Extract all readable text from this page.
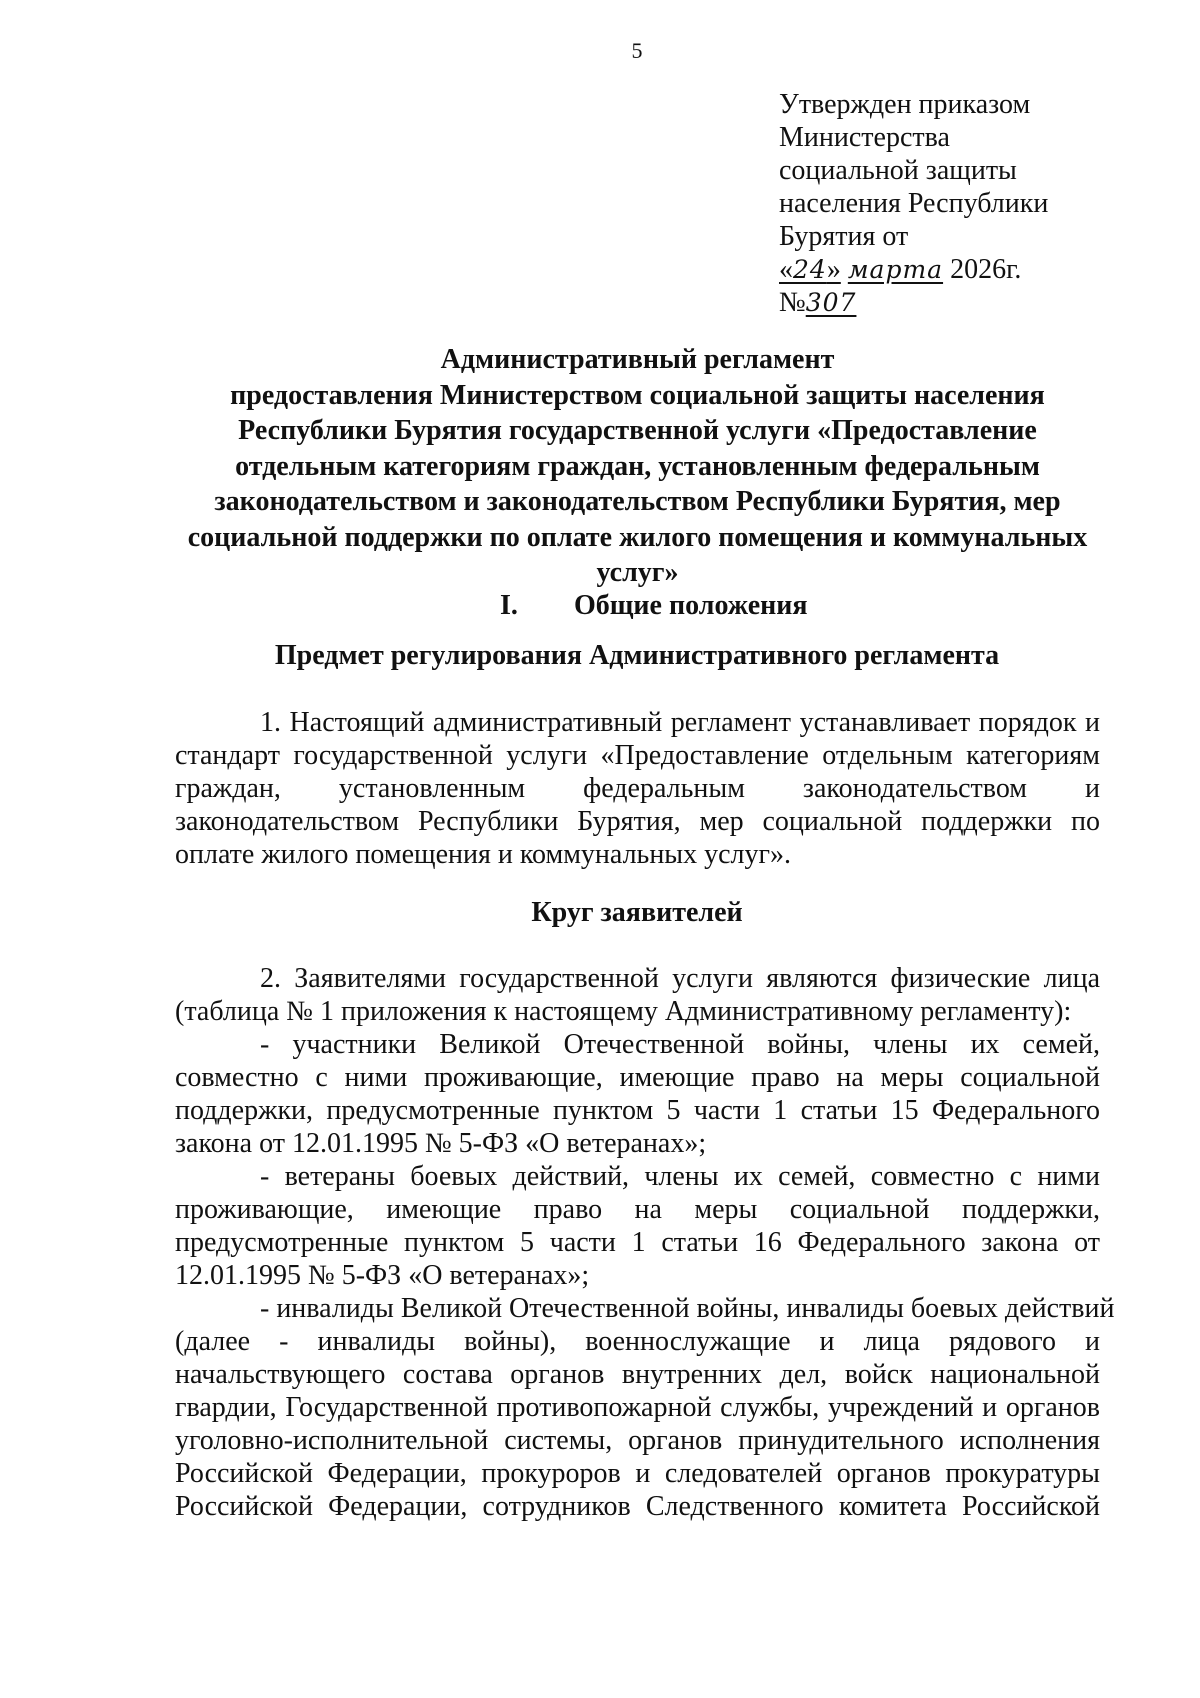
5
Утвержден приказом
Министерства
социальной защиты
населения Республики
Бурятия от
«24» марта 2026г.
№307
Административный регламент
предоставления Министерством социальной защиты населения
Республики Бурятия государственной услуги «Предоставление
отдельным категориям граждан, установленным федеральным
законодательством и законодательством Республики Бурятия, мер
социальной поддержки по оплате жилого помещения и коммунальных
услуг»
I. Общие положения
Предмет регулирования Административного регламента
1. Настоящий административный регламент устанавливает порядок и
стандарт государственной услуги «Предоставление отдельным категориям
граждан, установленным федеральным законодательством и
законодательством Республики Бурятия, мер социальной поддержки по
оплате жилого помещения и коммунальных услуг».
Круг заявителей
2. Заявителями государственной услуги являются физические лица
(таблица № 1 приложения к настоящему Административному регламенту):
- участники Великой Отечественной войны, члены их семей,
совместно с ними проживающие, имеющие право на меры социальной
поддержки, предусмотренные пунктом 5 части 1 статьи 15 Федерального
закона от 12.01.1995 № 5-ФЗ «О ветеранах»;
- ветераны боевых действий, члены их семей, совместно с ними
проживающие, имеющие право на меры социальной поддержки,
предусмотренные пунктом 5 части 1 статьи 16 Федерального закона от
12.01.1995 № 5-ФЗ «О ветеранах»;
- инвалиды Великой Отечественной войны, инвалиды боевых действий
(далее - инвалиды войны), военнослужащие и лица рядового и
начальствующего состава органов внутренних дел, войск национальной
гвардии, Государственной противопожарной службы, учреждений и органов
уголовно-исполнительной системы, органов принудительного исполнения
Российской Федерации, прокуроров и следователей органов прокуратуры
Российской Федерации, сотрудников Следственного комитета Российской
